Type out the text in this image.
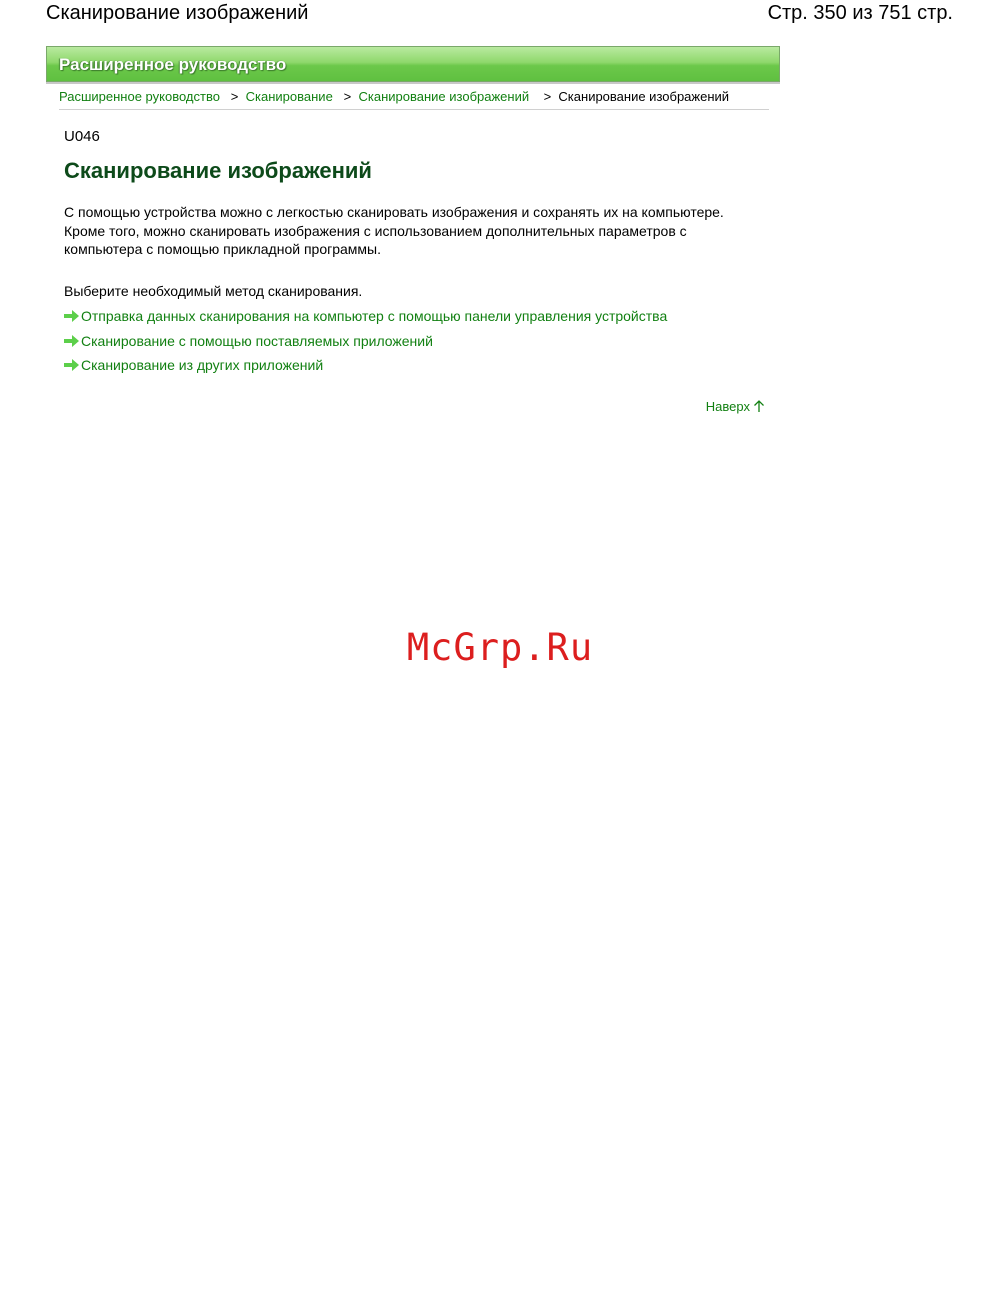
Сканирование изображений	Стр. 350 из 751 стр.
Расширенное руководство
Расширенное руководство > Сканирование > Сканирование изображений > Сканирование изображений
U046
Сканирование изображений

С помощью устройства можно с легкостью сканировать изображения и сохранять их на компьютере.

Кроме того, можно сканировать изображения с использованием дополнительных параметров с компьютера с помощью прикладной программы.

Выберите необходимый метод сканирования.
Отправка данных сканирования на компьютер с помощью панели управления устройства
Сканирование с помощью поставляемых приложений
Сканирование из других приложений
Наверх
McGrp.Ru
